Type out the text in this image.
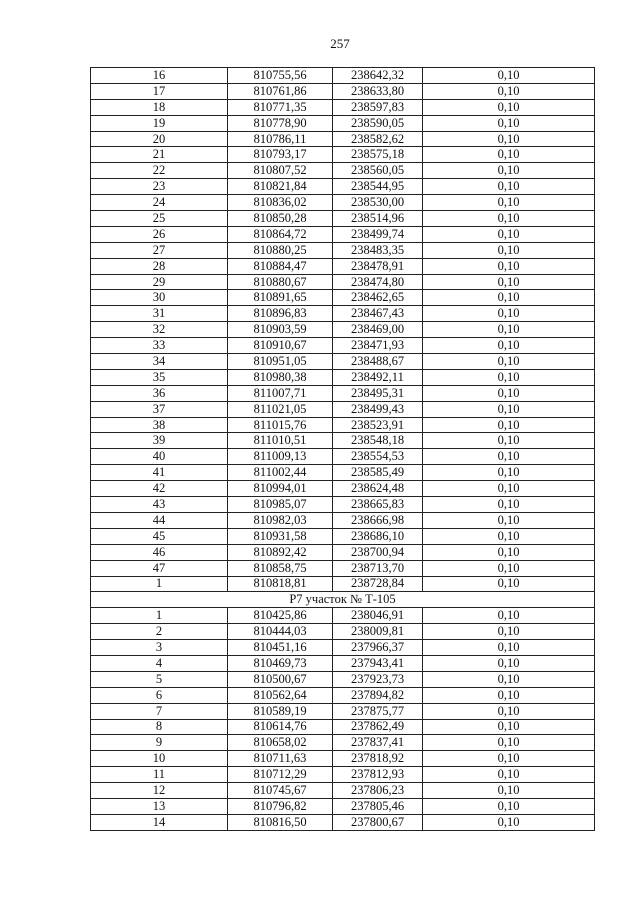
257
16	810755,56	238642,32	0,10
17	810761,86	238633,80	0,10
18	810771,35	238597,83	0,10
19	810778,90	238590,05	0,10
20	810786,11	238582,62	0,10
21	810793,17	238575,18	0,10
22	810807,52	238560,05	0,10
23	810821,84	238544,95	0,10
24	810836,02	238530,00	0,10
25	810850,28	238514,96	0,10
26	810864,72	238499,74	0,10
27	810880,25	238483,35	0,10
28	810884,47	238478,91	0,10
29	810880,67	238474,80	0,10
30	810891,65	238462,65	0,10
31	810896,83	238467,43	0,10
32	810903,59	238469,00	0,10
33	810910,67	238471,93	0,10
34	810951,05	238488,67	0,10
35	810980,38	238492,11	0,10
36	811007,71	238495,31	0,10
37	811021,05	238499,43	0,10
38	811015,76	238523,91	0,10
39	811010,51	238548,18	0,10
40	811009,13	238554,53	0,10
41	811002,44	238585,49	0,10
42	810994,01	238624,48	0,10
43	810985,07	238665,83	0,10
44	810982,03	238666,98	0,10
45	810931,58	238686,10	0,10
46	810892,42	238700,94	0,10
47	810858,75	238713,70	0,10
1	810818,81	238728,84	0,10
Р7 участок № Т-105			
1	810425,86	238046,91	0,10
2	810444,03	238009,81	0,10
3	810451,16	237966,37	0,10
4	810469,73	237943,41	0,10
5	810500,67	237923,73	0,10
6	810562,64	237894,82	0,10
7	810589,19	237875,77	0,10
8	810614,76	237862,49	0,10
9	810658,02	237837,41	0,10
10	810711,63	237818,92	0,10
11	810712,29	237812,93	0,10
12	810745,67	237806,23	0,10
13	810796,82	237805,46	0,10
14	810816,50	237800,67	0,10
